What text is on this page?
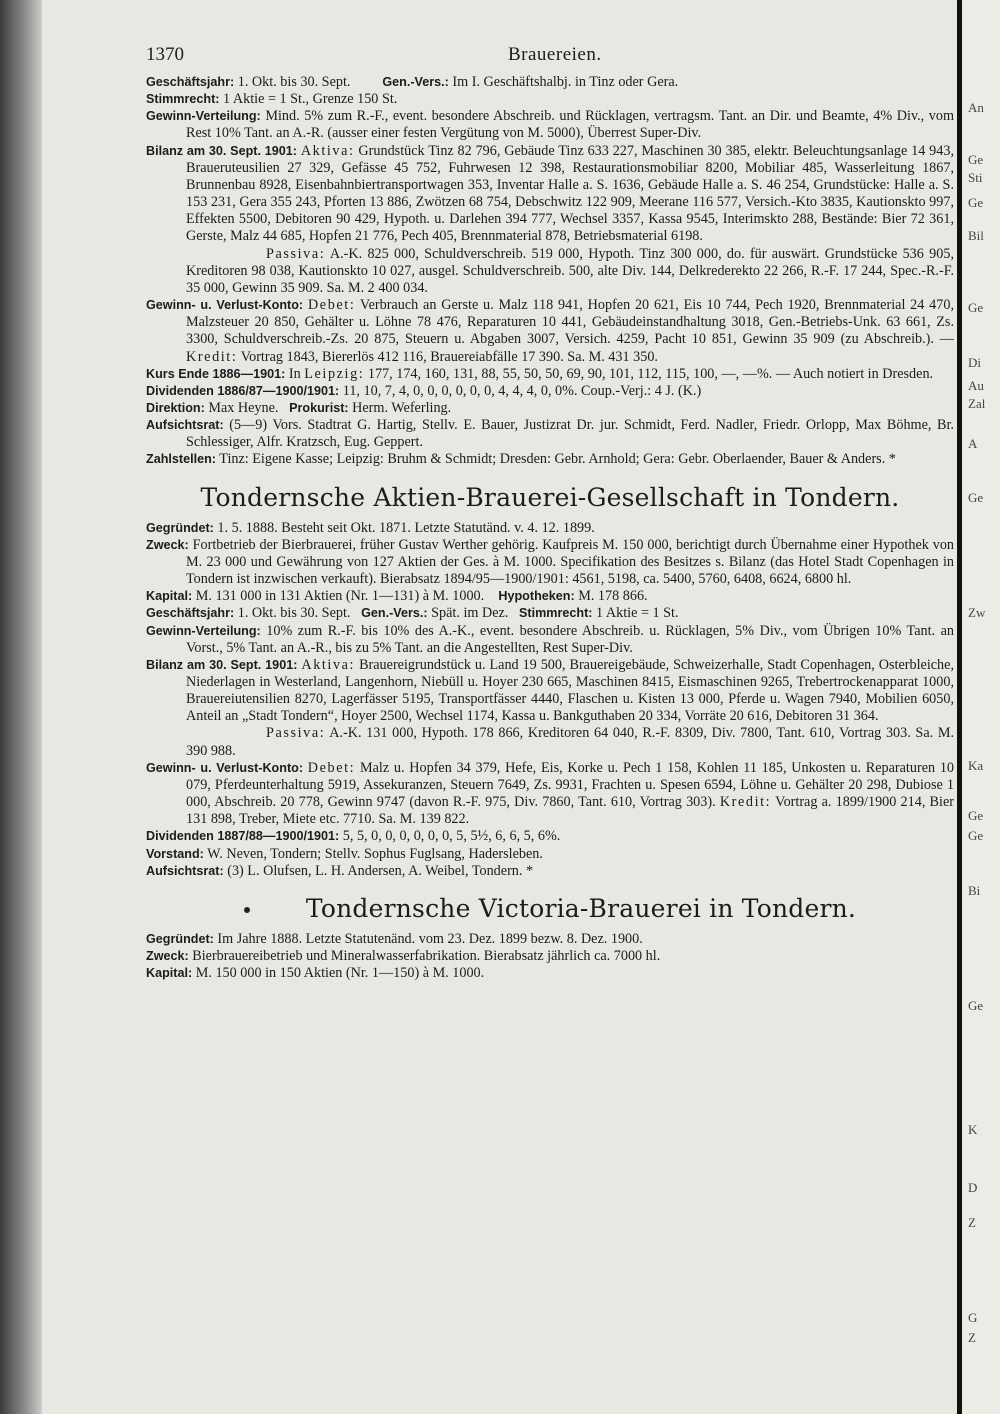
An
Ge
Sti
Ge
Bil
Ge
Di
Au
Zal
A
Ge
Zw
Ka
Ge
Ge
Bi
Ge
K
D
Z
G
Z
1370	Brauereien.

Geschäftsjahr: 1. Okt. bis 30. Sept.	Gen.-Vers.: Im I. Geschäftshalbj. in Tinz oder Gera.

Stimmrecht: 1 Aktie = 1 St., Grenze 150 St.

Gewinn-Verteilung: Mind. 5% zum R.-F., event. besondere Abschreib. und Rücklagen, vertragsm. Tant. an Dir. und Beamte, 4% Div., vom Rest 10% Tant. an A.-R. (ausser einer festen Vergütung von M. 5000), Überrest Super-Div.

Bilanz am 30. Sept. 1901: Aktiva: Grundstück Tinz 82 796, Gebäude Tinz 633 227, Maschinen 30 385, elektr. Beleuchtungsanlage 14 943, Braueruteusilien 27 329, Gefässe 45 752, Fuhrwesen 12 398, Restaurationsmobiliar 8200, Mobiliar 485, Wasserleitung 1867, Brunnenbau 8928, Eisenbahnbiertransportwagen 353, Inventar Halle a. S. 1636, Gebäude Halle a. S. 46 254, Grundstücke: Halle a. S. 153 231, Gera 355 243, Pforten 13 886, Zwötzen 68 754, Debschwitz 122 909, Meerane 116 577, Versich.-Kto 3835, Kautionskto 997, Effekten 5500, Debitoren 90 429, Hypoth. u. Darlehen 394 777, Wechsel 3357, Kassa 9545, Interimskto 288, Bestände: Bier 72 361, Gerste, Malz 44 685, Hopfen 21 776, Pech 405, Brennmaterial 878, Betriebsmaterial 6198.

Passiva: A.-K. 825 000, Schuldverschreib. 519 000, Hypoth. Tinz 300 000, do. für auswärt. Grundstücke 536 905, Kreditoren 98 038, Kautionskto 10 027, ausgel. Schuldverschreib. 500, alte Div. 144, Delkrederekto 22 266, R.-F. 17 244, Spec.-R.-F. 35 000, Gewinn 35 909. Sa. M. 2 400 034.

Gewinn- u. Verlust-Konto: Debet: Verbrauch an Gerste u. Malz 118 941, Hopfen 20 621, Eis 10 744, Pech 1920, Brennmaterial 24 470, Malzsteuer 20 850, Gehälter u. Löhne 78 476, Reparaturen 10 441, Gebäudeinstandhaltung 3018, Gen.-Betriebs-Unk. 63 661, Zs. 3300, Schuldverschreib.-Zs. 20 875, Steuern u. Abgaben 3007, Versich. 4259, Pacht 10 851, Gewinn 35 909 (zu Abschreib.). — Kredit: Vortrag 1843, Biererlös 412 116, Brauereiabfälle 17 390. Sa. M. 431 350.

Kurs Ende 1886—1901: In Leipzig: 177, 174, 160, 131, 88, 55, 50, 50, 69, 90, 101, 112, 115, 100, —, —%. — Auch notiert in Dresden.

Dividenden 1886/87—1900/1901: 11, 10, 7, 4, 0, 0, 0, 0, 0, 0, 4, 4, 4, 0, 0%. Coup.-Verj.: 4 J. (K.)

Direktion: Max Heyne. Prokurist: Herm. Weferling.

Aufsichtsrat: (5—9) Vors. Stadtrat G. Hartig, Stellv. E. Bauer, Justizrat Dr. jur. Schmidt, Ferd. Nadler, Friedr. Orlopp, Max Böhme, Br. Schlessiger, Alfr. Kratzsch, Eug. Geppert.

Zahlstellen: Tinz: Eigene Kasse; Leipzig: Bruhm & Schmidt; Dresden: Gebr. Arnhold; Gera: Gebr. Oberlaender, Bauer & Anders. *

Tondernsche Aktien-Brauerei-Gesellschaft in Tondern.

Gegründet: 1. 5. 1888. Besteht seit Okt. 1871. Letzte Statutänd. v. 4. 12. 1899.

Zweck: Fortbetrieb der Bierbrauerei, früher Gustav Werther gehörig. Kaufpreis M. 150 000, berichtigt durch Übernahme einer Hypothek von M. 23 000 und Gewährung von 127 Aktien der Ges. à M. 1000. Specifikation des Besitzes s. Bilanz (das Hotel Stadt Copenhagen in Tondern ist inzwischen verkauft). Bierabsatz 1894/95—1900/1901: 4561, 5198, ca. 5400, 5760, 6408, 6624, 6800 hl.

Kapital: M. 131 000 in 131 Aktien (Nr. 1—131) à M. 1000. Hypotheken: M. 178 866.

Geschäftsjahr: 1. Okt. bis 30. Sept. Gen.-Vers.: Spät. im Dez. Stimmrecht: 1 Aktie = 1 St.

Gewinn-Verteilung: 10% zum R.-F. bis 10% des A.-K., event. besondere Abschreib. u. Rücklagen, 5% Div., vom Übrigen 10% Tant. an Vorst., 5% Tant. an A.-R., bis zu 5% Tant. an die Angestellten, Rest Super-Div.

Bilanz am 30. Sept. 1901: Aktiva: Brauereigrundstück u. Land 19 500, Brauereigebäude, Schweizerhalle, Stadt Copenhagen, Osterbleiche, Niederlagen in Westerland, Langenhorn, Niebüll u. Hoyer 230 665, Maschinen 8415, Eismaschinen 9265, Trebertrockenapparat 1000, Brauereiutensilien 8270, Lagerfässer 5195, Transportfässer 4440, Flaschen u. Kisten 13 000, Pferde u. Wagen 7940, Mobilien 6050, Anteil an „Stadt Tondern“, Hoyer 2500, Wechsel 1174, Kassa u. Bankguthaben 20 334, Vorräte 20 616, Debitoren 31 364.

Passiva: A.-K. 131 000, Hypoth. 178 866, Kreditoren 64 040, R.-F. 8309, Div. 7800, Tant. 610, Vortrag 303. Sa. M. 390 988.

Gewinn- u. Verlust-Konto: Debet: Malz u. Hopfen 34 379, Hefe, Eis, Korke u. Pech 1 158, Kohlen 11 185, Unkosten u. Reparaturen 10 079, Pferdeunterhaltung 5919, Assekuranzen, Steuern 7649, Zs. 9931, Frachten u. Spesen 6594, Löhne u. Gehälter 20 298, Dubiose 1 000, Abschreib. 20 778, Gewinn 9747 (davon R.-F. 975, Div. 7860, Tant. 610, Vortrag 303). Kredit: Vortrag a. 1899/1900 214, Bier 131 898, Treber, Miete etc. 7710. Sa. M. 139 822.

Dividenden 1887/88—1900/1901: 5, 5, 0, 0, 0, 0, 0, 0, 5, 5½, 6, 6, 5, 6%.

Vorstand: W. Neven, Tondern; Stellv. Sophus Fuglsang, Hadersleben.

Aufsichtsrat: (3) L. Olufsen, L. H. Andersen, A. Weibel, Tondern. *

Tondernsche Victoria-Brauerei in Tondern.

Gegründet: Im Jahre 1888. Letzte Statutenänd. vom 23. Dez. 1899 bezw. 8. Dez. 1900.

Zweck: Bierbrauereibetrieb und Mineralwasserfabrikation. Bierabsatz jährlich ca. 7000 hl.

Kapital: M. 150 000 in 150 Aktien (Nr. 1—150) à M. 1000.
